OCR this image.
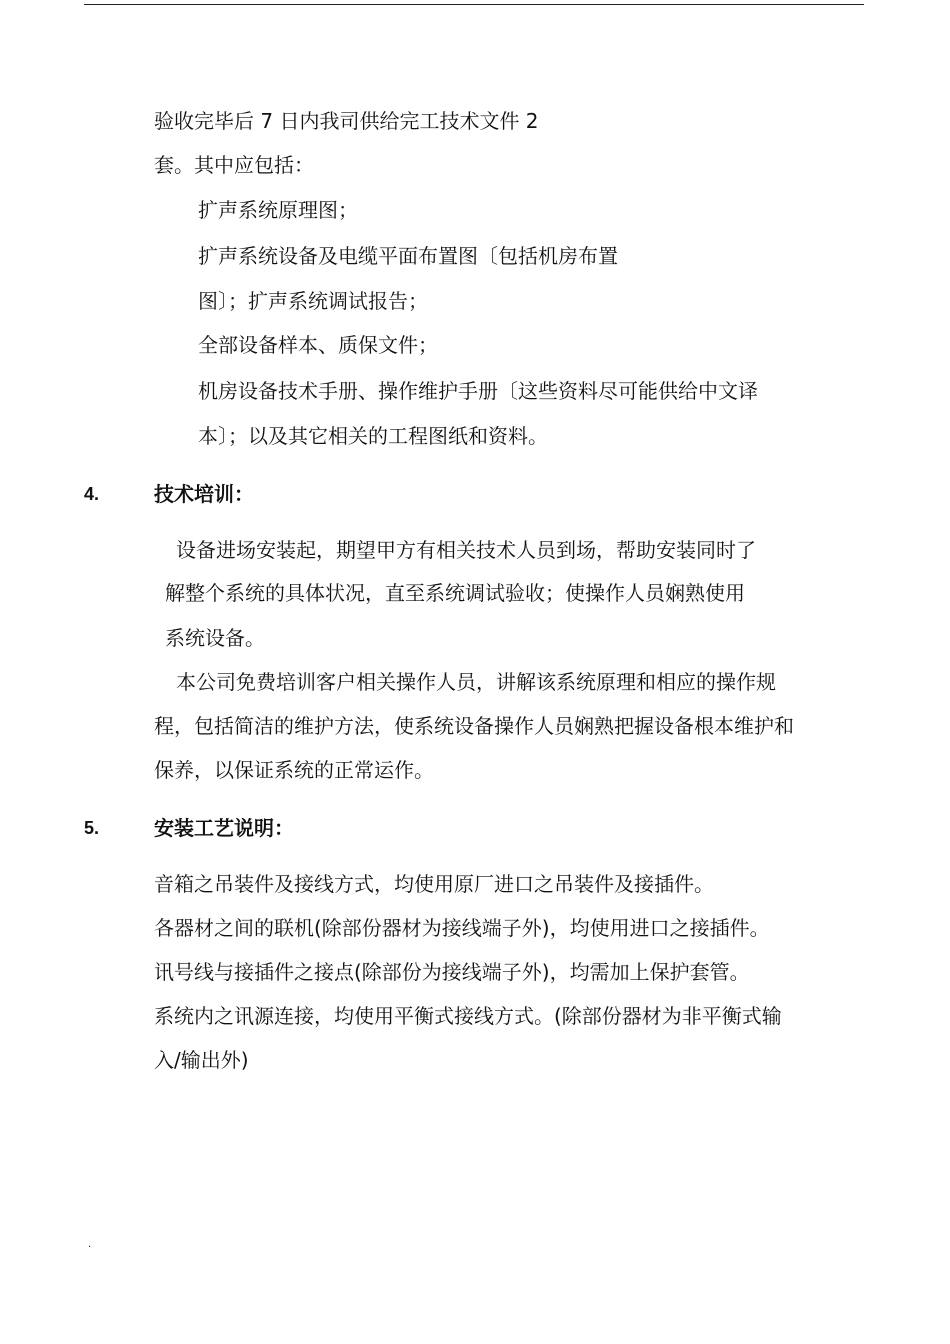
验收完毕后 7 日内我司供给完工技术文件 2
套。其中应包括：
扩声系统原理图；
扩声系统设备及电缆平面布置图〔包括机房布置
图〕；扩声系统调试报告；
全部设备样本、质保文件；
机房设备技术手册、操作维护手册〔这些资料尽可能供给中文译
本〕；以及其它相关的工程图纸和资料。
4.	技术培训：
设备进场安装起，期望甲方有相关技术人员到场，帮助安装同时了
解整个系统的具体状况，直至系统调试验收；使操作人员娴熟使用
系统设备。
本公司免费培训客户相关操作人员，讲解该系统原理和相应的操作规
程，包括简洁的维护方法，使系统设备操作人员娴熟把握设备根本维护和
保养，以保证系统的正常运作。
5.	安装工艺说明：
音箱之吊装件及接线方式，均使用原厂进口之吊装件及接插件。
各器材之间的联机(除部份器材为接线端子外)，均使用进口之接插件。
讯号线与接插件之接点(除部份为接线端子外)，均需加上保护套管。
系统内之讯源连接，均使用平衡式接线方式。(除部份器材为非平衡式输
入/输出外)
.
